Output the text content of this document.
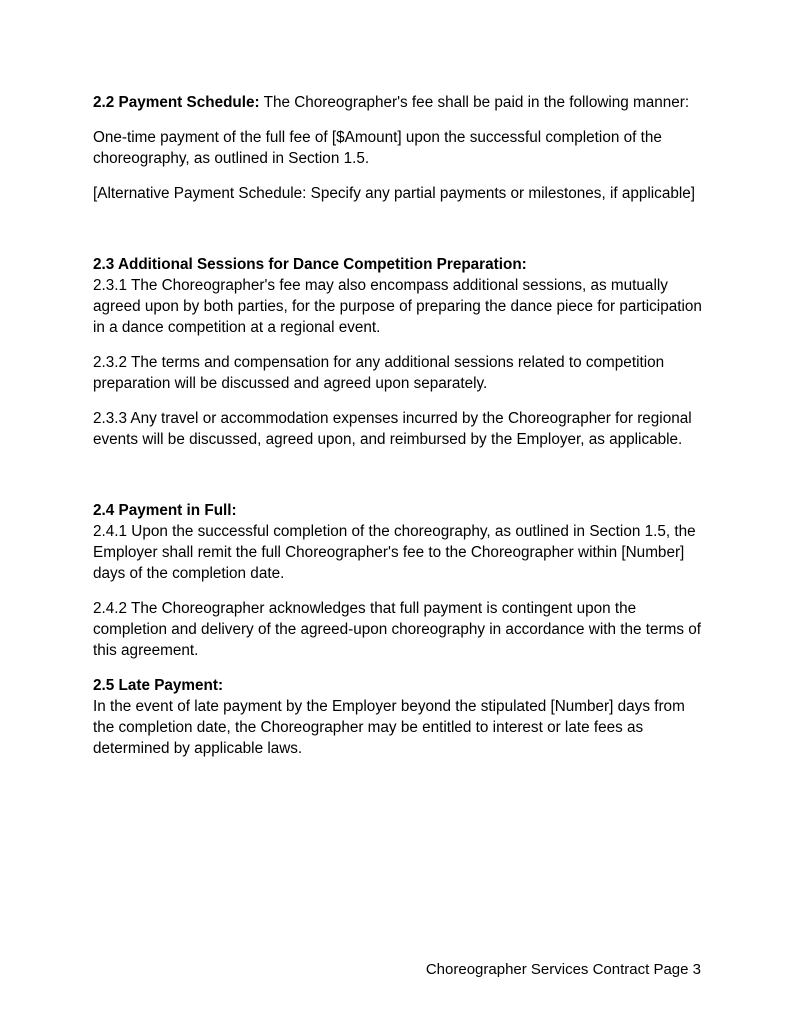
2.2 Payment Schedule: The Choreographer's fee shall be paid in the following manner:

One-time payment of the full fee of [$Amount] upon the successful completion of the choreography, as outlined in Section 1.5.

[Alternative Payment Schedule: Specify any partial payments or milestones, if applicable]

2.3 Additional Sessions for Dance Competition Preparation:

2.3.1 The Choreographer's fee may also encompass additional sessions, as mutually agreed upon by both parties, for the purpose of preparing the dance piece for participation in a dance competition at a regional event.

2.3.2 The terms and compensation for any additional sessions related to competition preparation will be discussed and agreed upon separately.

2.3.3 Any travel or accommodation expenses incurred by the Choreographer for regional events will be discussed, agreed upon, and reimbursed by the Employer, as applicable.

2.4 Payment in Full:

2.4.1 Upon the successful completion of the choreography, as outlined in Section 1.5, the Employer shall remit the full Choreographer's fee to the Choreographer within [Number] days of the completion date.

2.4.2 The Choreographer acknowledges that full payment is contingent upon the completion and delivery of the agreed-upon choreography in accordance with the terms of this agreement.

2.5 Late Payment:

In the event of late payment by the Employer beyond the stipulated [Number] days from the completion date, the Choreographer may be entitled to interest or late fees as determined by applicable laws.

Choreographer Services Contract Page 3
